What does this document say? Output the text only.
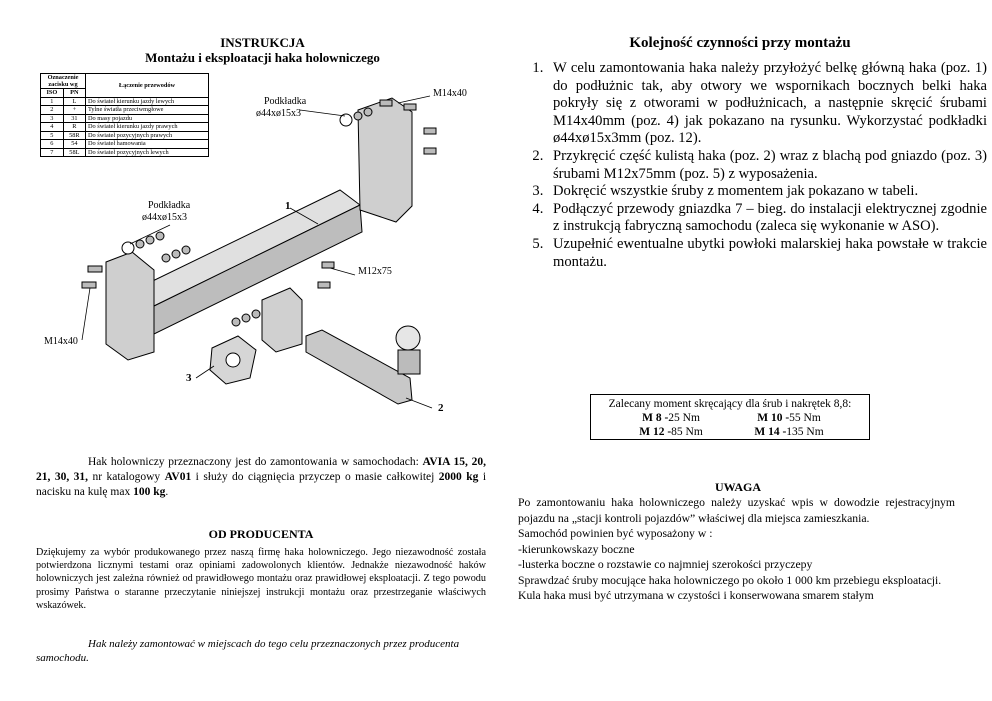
INSTRUKCJA
Montażu i eksploatacji haka holowniczego
Oznaczenie zacisku wg		Łączenie przewodów
ISO	PN	
1	L	Do świateł kierunku jazdy lewych
2	+	Tylne światła przeciwmgłowe
3	31	Do masy pojazdu
4	R	Do świateł kierunku jazdy prawych
5	58R	Do świateł pozycyjnych prawych
6	54	Do świateł hamowania
7	58L	Do świateł pozycyjnych lewych
Podkładka
ø44xø15x3
M14x40
Podkładka
ø44xø15x3
M12x75
M14x40
1
2
3
Hak holowniczy przeznaczony jest do zamontowania w samochodach: AVIA 15, 20, 21, 30, 31, nr katalogowy AV01 i służy do ciągnięcia przyczep o masie całkowitej 2000 kg i nacisku na kulę max 100 kg.
OD PRODUCENTA
Dziękujemy za wybór produkowanego przez naszą firmę haka holowniczego. Jego niezawodność została potwierdzona licznymi testami oraz opiniami zadowolonych klientów. Jednakże niezawodność haków holowniczych jest zależna również od prawidłowego montażu oraz prawidłowej eksploatacji. Z tego powodu prosimy Państwa o staranne przeczytanie niniejszej instrukcji montażu oraz przestrzeganie właściwych wskazówek.
Hak należy zamontować w miejscach do tego celu przeznaczonych przez producenta samochodu.
Kolejność czynności przy montażu
1. W celu zamontowania haka należy przyłożyć belkę główną haka (poz. 1) do podłużnic tak, aby otwory we wspornikach bocznych belki haka pokryły się z otworami w podłużnicach, a następnie skręcić śrubami M14x40mm (poz. 4) jak pokazano na rysunku. Wykorzystać podkładki ø44xø15x3mm (poz. 12).
2. Przykręcić część kulistą haka (poz. 2) wraz z blachą pod gniazdo (poz. 3) śrubami M12x75mm (poz. 5) z wyposażenia.
3. Dokręcić wszystkie śruby z momentem jak pokazano w tabeli.
4. Podłączyć przewody gniazdka 7 – bieg. do instalacji elektrycznej zgodnie z instrukcją fabryczną samochodu (zaleca się wykonanie w ASO).
5. Uzupełnić ewentualne ubytki powłoki malarskiej haka powstałe w trakcie montażu.
Zalecany moment skręcający dla śrub i nakrętek 8,8:
M 8 -25 Nm	M 10 -55 Nm
M 12 -85 Nm	M 14 -135 Nm
UWAGA
Po zamontowaniu haka holowniczego należy uzyskać wpis w dowodzie rejestracyjnym pojazdu na „stacji kontroli pojazdów” właściwej dla miejsca zamieszkania.
Samochód powinien być wyposażony w :
-kierunkowskazy boczne
-lusterka boczne o rozstawie co najmniej szerokości przyczepy
Sprawdzać śruby mocujące haka holowniczego po około 1 000 km przebiegu eksploatacji.
Kula haka musi być utrzymana w czystości i konserwowana smarem stałym
